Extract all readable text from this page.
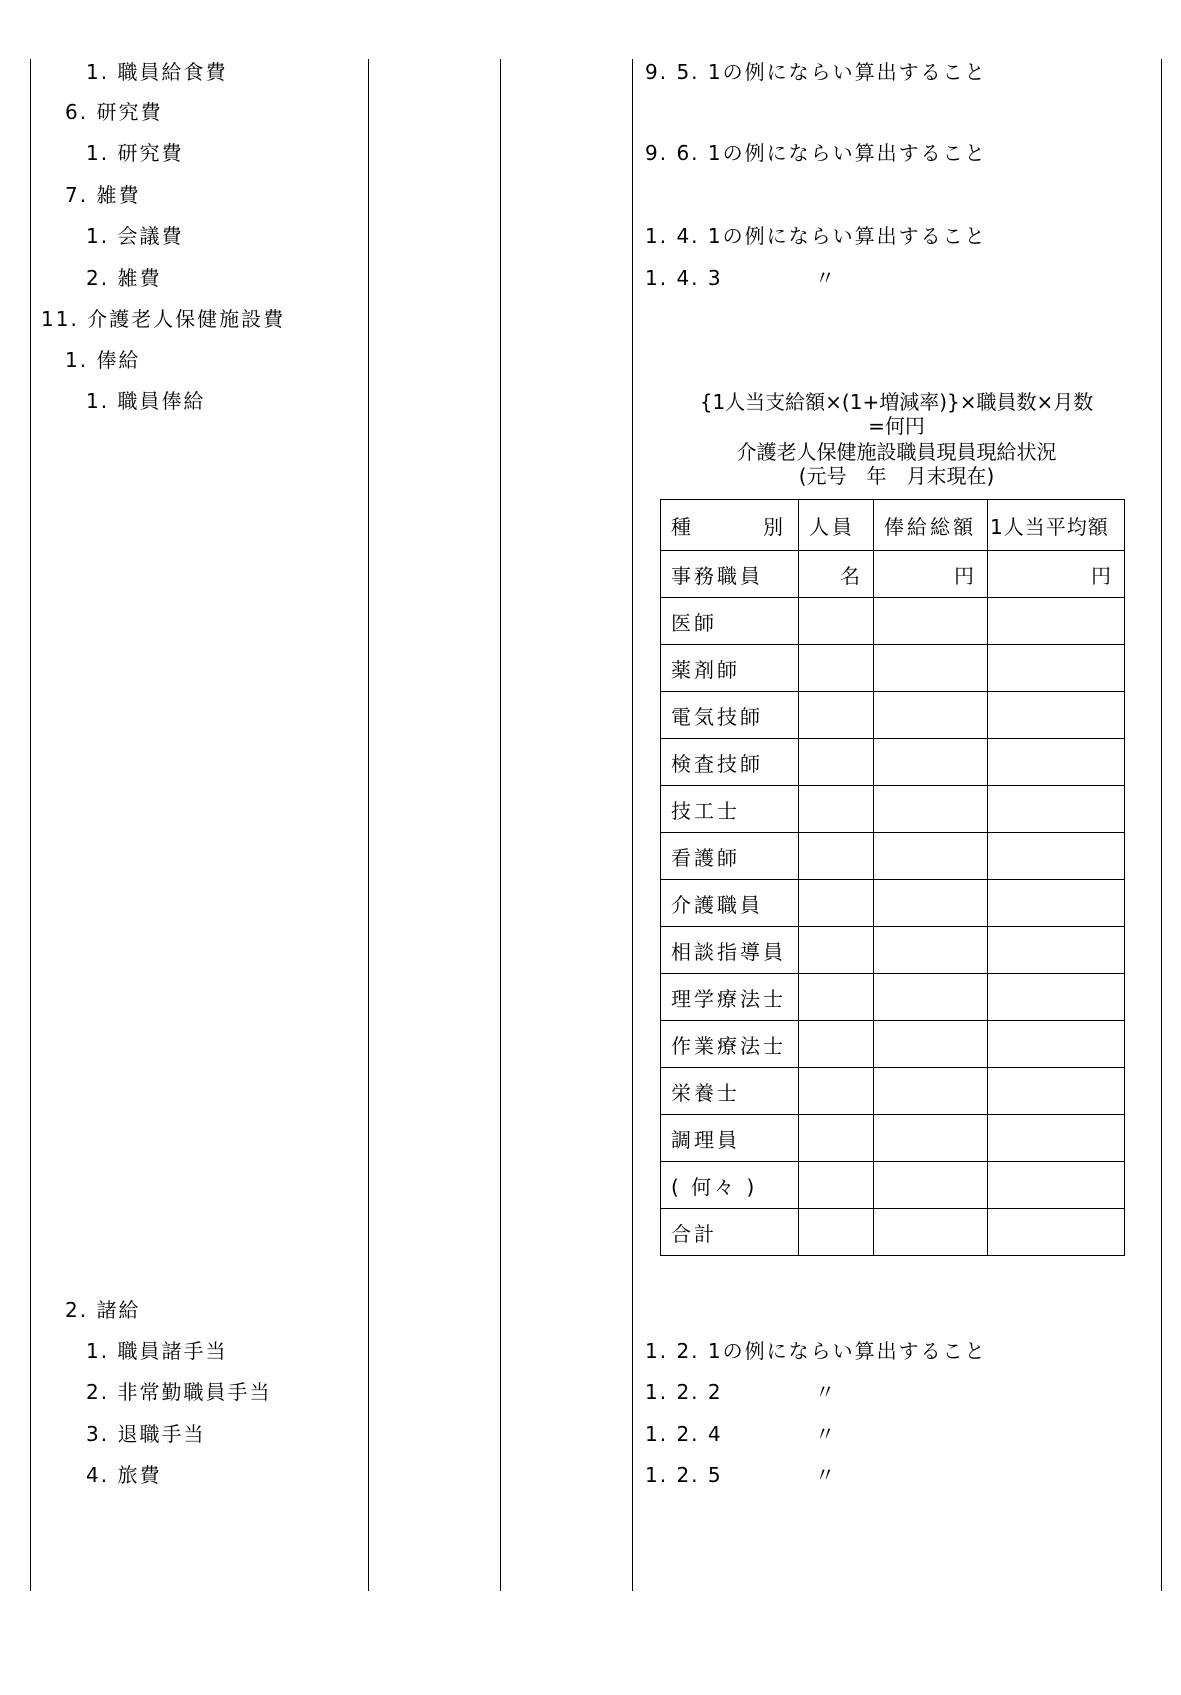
1. 職員給食費
6. 研究費
1. 研究費
7. 雑費
1. 会議費
2. 雑費
11. 介護老人保健施設費
1. 俸給
1. 職員俸給
2. 諸給
1. 職員諸手当
2. 非常勤職員手当
3. 退職手当
4. 旅費
9. 5. 1の例にならい算出すること
9. 6. 1の例にならい算出すること
1. 4. 1の例にならい算出すること
1. 4. 3	〃
1. 2. 1の例にならい算出すること
1. 2. 2	〃
1. 2. 4	〃
1. 2. 5	〃
{1人当支給額×(1+増減率)}×職員数×月数
=何円
介護老人保健施設職員現員現給状況
(元号　年　月末現在)
種　　　別	人員	俸給総額	1人当平均額
事務職員	名	円	円
医師			
薬剤師			
電気技師			
検査技師			
技工士			
看護師			
介護職員			
相談指導員			
理学療法士			
作業療法士			
栄養士			
調理員			
( 何々 )			
合計			
